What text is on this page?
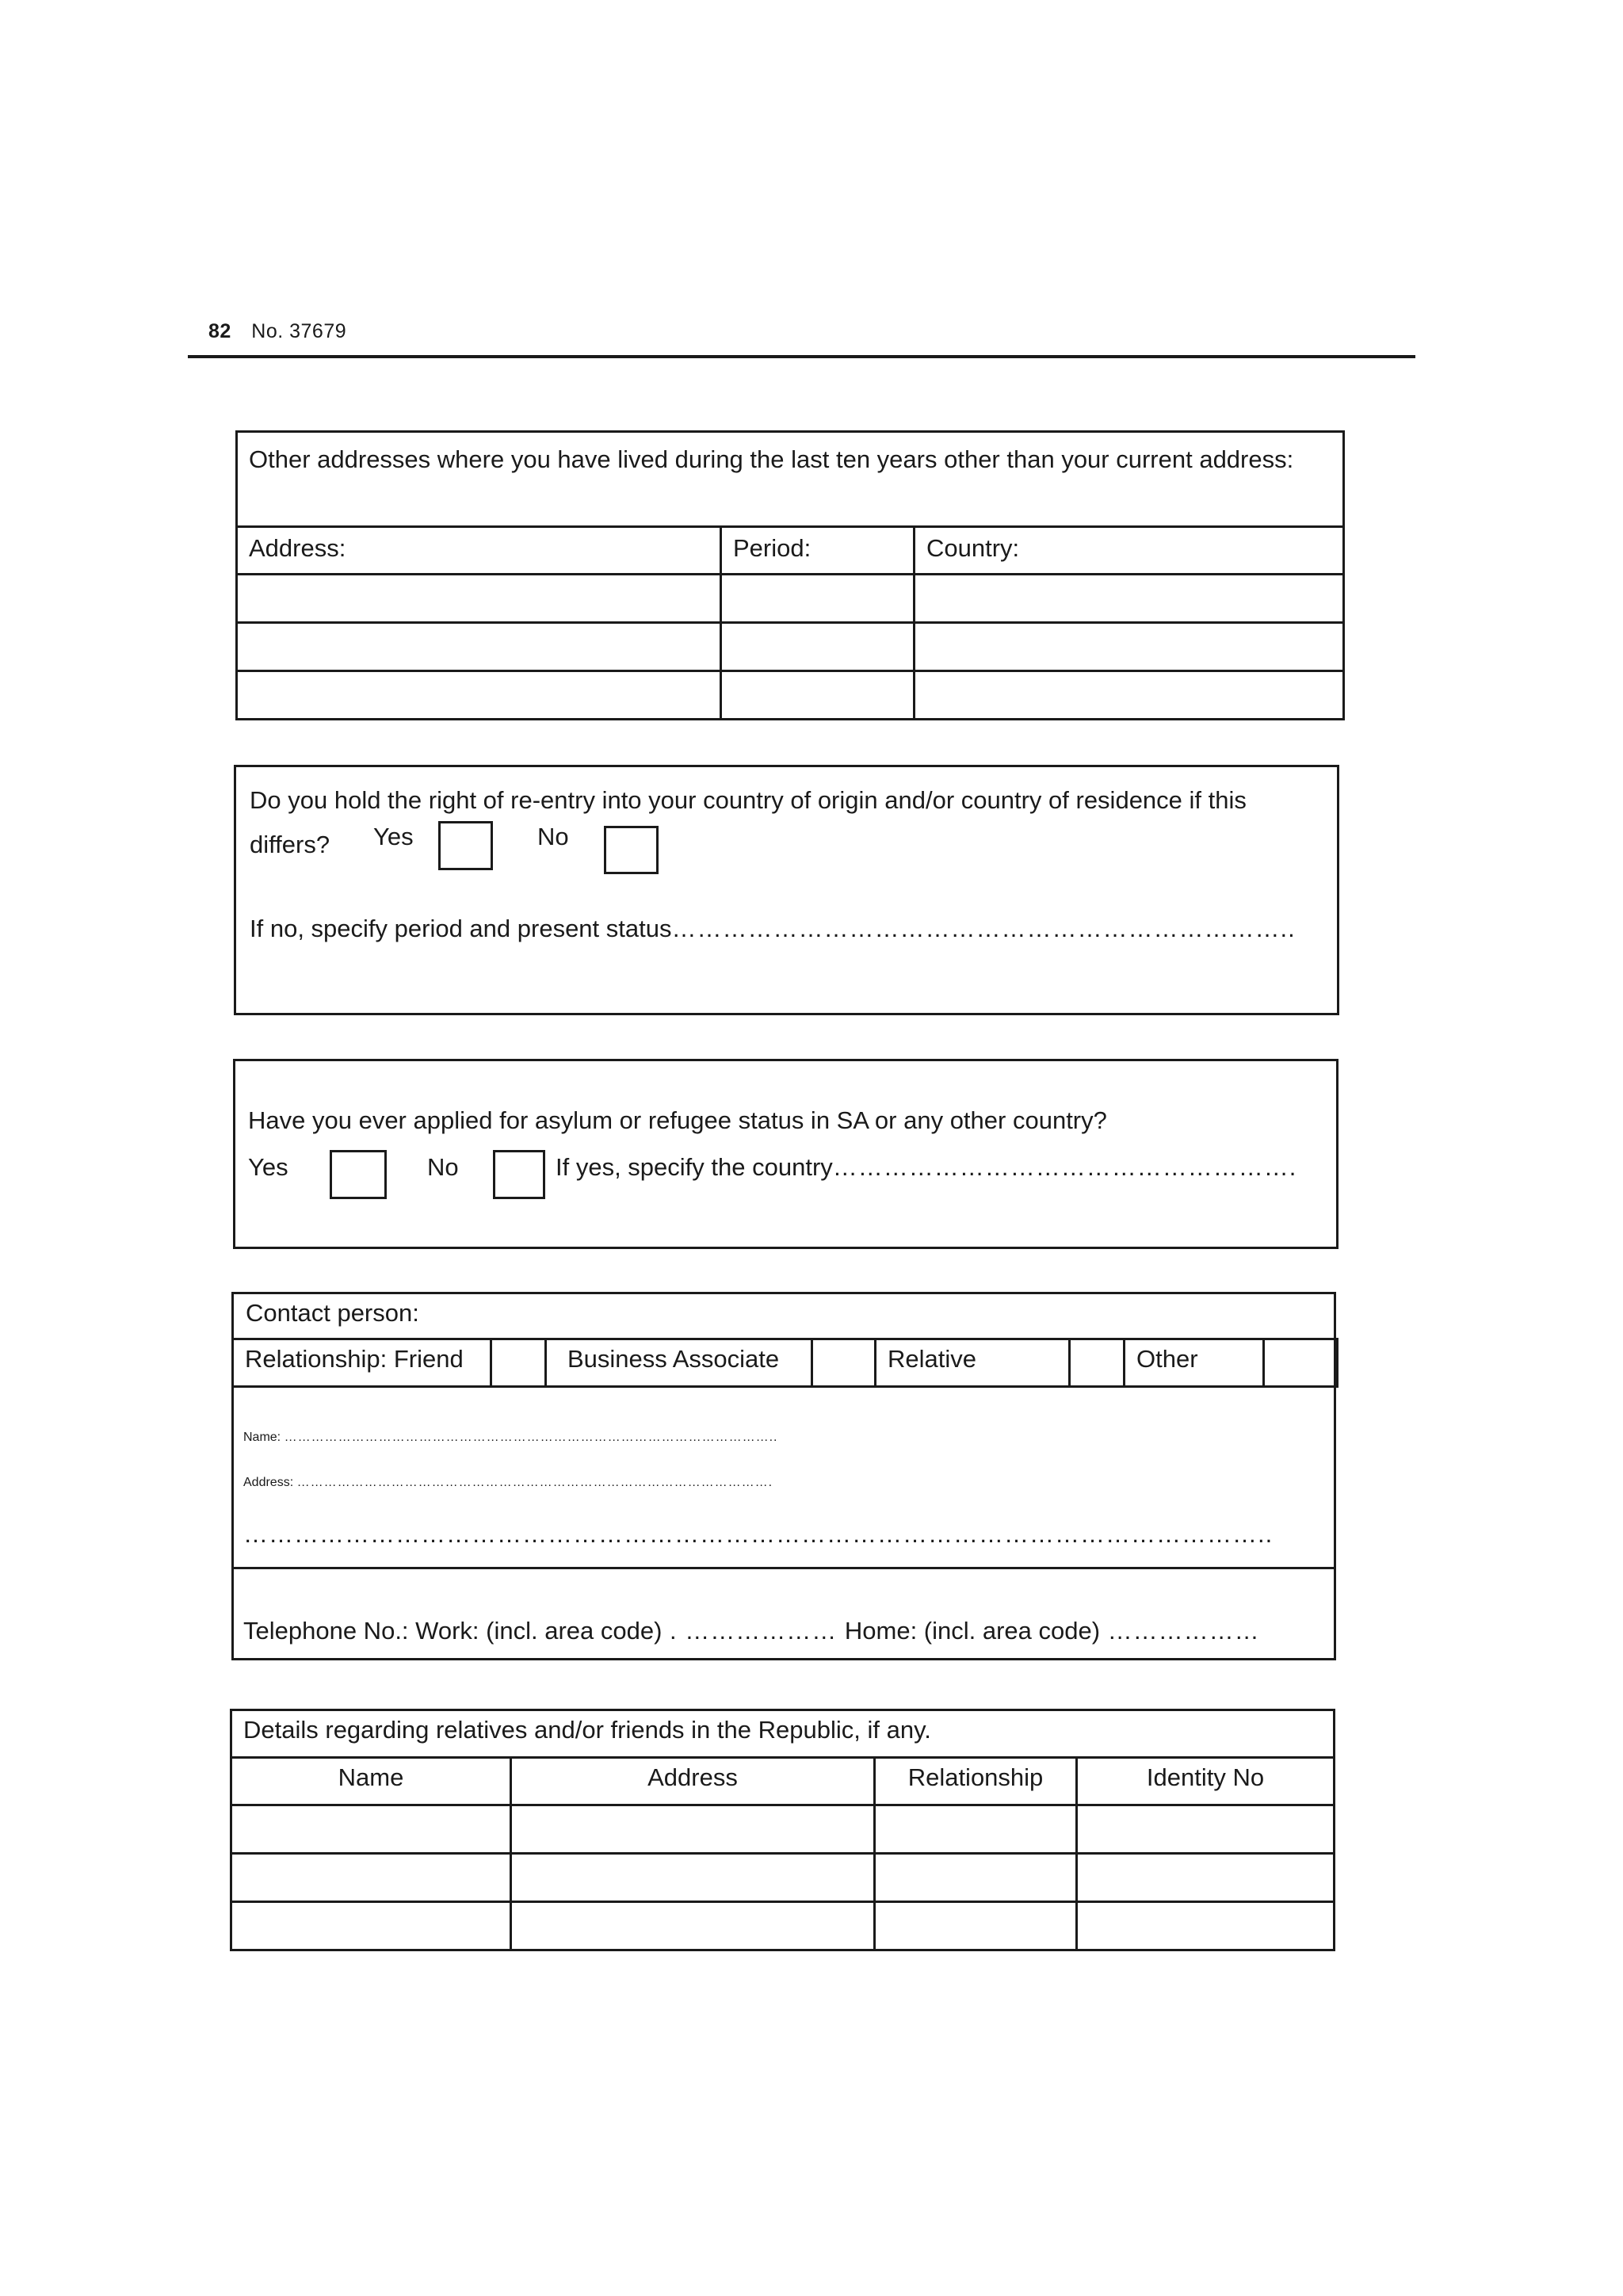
82 No. 37679
Other addresses where you have lived during the last ten years other than your current address:		
Address:	Period:	Country:

Do you hold the right of re-entry into your country of origin and/or country of residence if this differs?	Yes	No
If no, specify period and present status………………………………………………………………..
Have you ever applied for asylum or refugee status in SA or any other country?
Yes	No	If yes, specify the country……………………………………………….
Contact person:
Relationship: Friend		Business Associate		Relative		Other	
Name: ………………………………………………………………………………………………..
Address: …………………………………………………………………………………………….
…………………………………………………………………………………………………………..
Telephone No.: Work: (incl. area code) . ……………… Home: (incl. area code) ………………
Details regarding relatives and/or friends in the Republic, if any.			
Name	Address	Relationship	Identity No
